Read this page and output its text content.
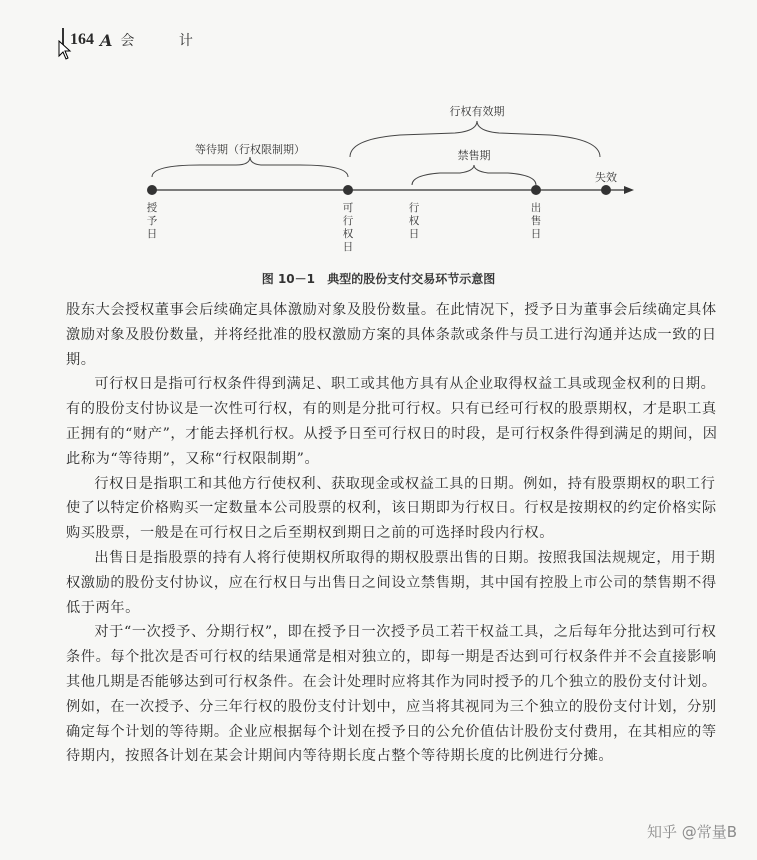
164 A 会 计
等待期（行权限制期）
行权有效期
禁售期
失效
授予日
可行权日
行权日
出售日
图 10－1 典型的股份支付交易环节示意图

股东大会授权董事会后续确定具体激励对象及股份数量。在此情况下，授予日为董事会后续确定具体激励对象及股份数量，并将经批准的股权激励方案的具体条款或条件与员工进行沟通并达成一致的日期。

可行权日是指可行权条件得到满足、职工或其他方具有从企业取得权益工具或现金权利的日期。有的股份支付协议是一次性可行权，有的则是分批可行权。只有已经可行权的股票期权，才是职工真正拥有的“财产”，才能去择机行权。从授予日至可行权日的时段，是可行权条件得到满足的期间，因此称为“等待期”，又称“行权限制期”。

行权日是指职工和其他方行使权利、获取现金或权益工具的日期。例如，持有股票期权的职工行使了以特定价格购买一定数量本公司股票的权利，该日期即为行权日。行权是按期权的约定价格实际购买股票，一般是在可行权日之后至期权到期日之前的可选择时段内行权。

出售日是指股票的持有人将行使期权所取得的期权股票出售的日期。按照我国法规规定，用于期权激励的股份支付协议，应在行权日与出售日之间设立禁售期，其中国有控股上市公司的禁售期不得低于两年。

对于“一次授予、分期行权”，即在授予日一次授予员工若干权益工具，之后每年分批达到可行权条件。每个批次是否可行权的结果通常是相对独立的，即每一期是否达到可行权条件并不会直接影响其他几期是否能够达到可行权条件。在会计处理时应将其作为同时授予的几个独立的股份支付计划。例如，在一次授予、分三年行权的股份支付计划中，应当将其视同为三个独立的股份支付计划，分别确定每个计划的等待期。企业应根据每个计划在授予日的公允价值估计股份支付费用，在其相应的等待期内，按照各计划在某会计期间内等待期长度占整个等待期长度的比例进行分摊。

知乎 @常量B
